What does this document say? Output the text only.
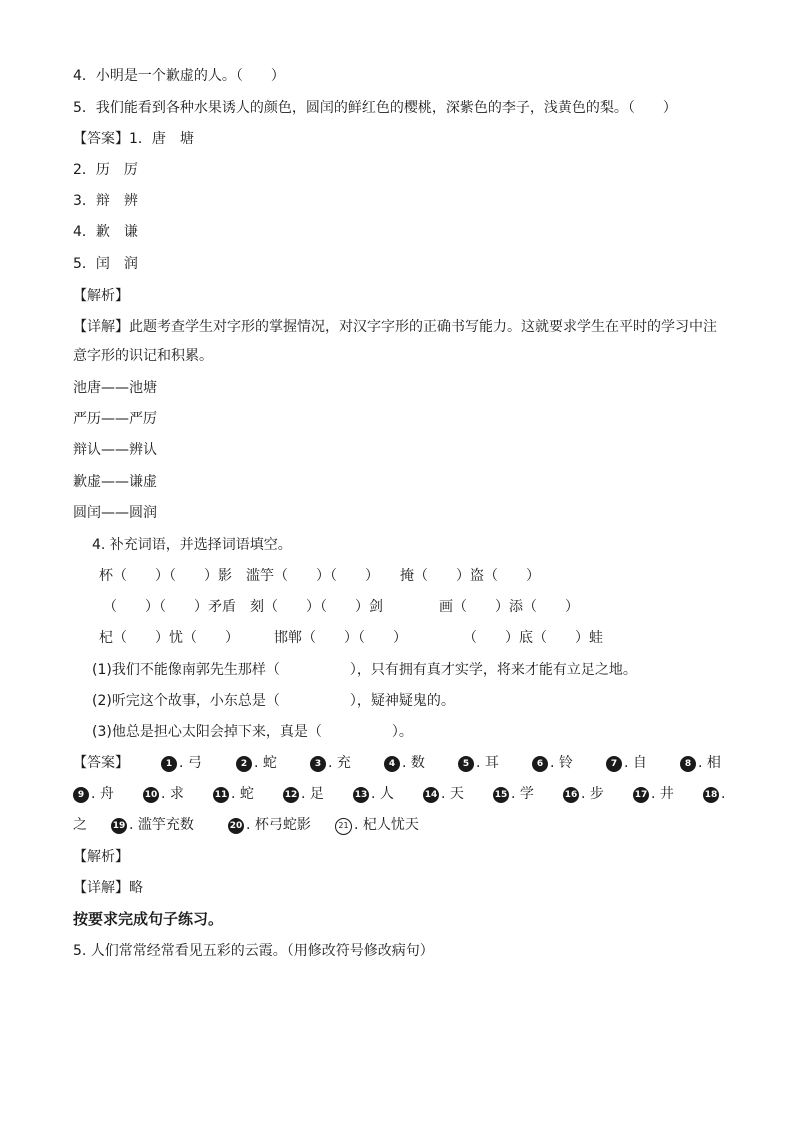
4．小明是一个歉虚的人。（　　）
5．我们能看到各种水果诱人的颜色，圆闰的鲜红色的樱桃，深紫色的李子，浅黄色的梨。（　　）
【答案】1．唐　塘
2．历　厉
3．辩　辨
4．歉　谦
5．闰　润
【解析】
【详解】此题考查学生对字形的掌握情况，对汉字字形的正确书写能力。这就要求学生在平时的学习中注
意字形的识记和积累。
池唐——池塘
严历——严厉
辩认——辨认
歉虚——谦虚
圆闰——圆润
4. 补充词语，并选择词语填空。
杯（　　）（　　）影　滥竽（　　）（　　）　　掩（　　）盗（　　）
（　　）（　　）矛盾　刻（　　）（　　）剑　　　　画（　　）添（　　）
杞（　　）忧（　　）　　　邯郸（　　）（　　）　　　　　（　　）底（　　）蛙
(1)我们不能像南郭先生那样（　　　　　），只有拥有真才实学，将来才能有立足之地。
(2)听完这个故事，小东总是（　　　　　），疑神疑鬼的。
(3)他总是担心太阳会掉下来，真是（　　　　　）。
【答案】	1 . 弓	2 . 蛇	3 . 充	4 . 数	5 . 耳	6 . 铃	7 . 自	8 . 相
9 . 舟	10 . 求	11 . 蛇	12 . 足	13 . 人	14 . 天	15 . 学	16 . 步	17 . 井	18 .
之	19 . 滥竽充数	20 . 杯弓蛇影	21 . 杞人忧天
【解析】
【详解】略
按要求完成句子练习。
5. 人们常常经常看见五彩的云霞。（用修改符号修改病句）
